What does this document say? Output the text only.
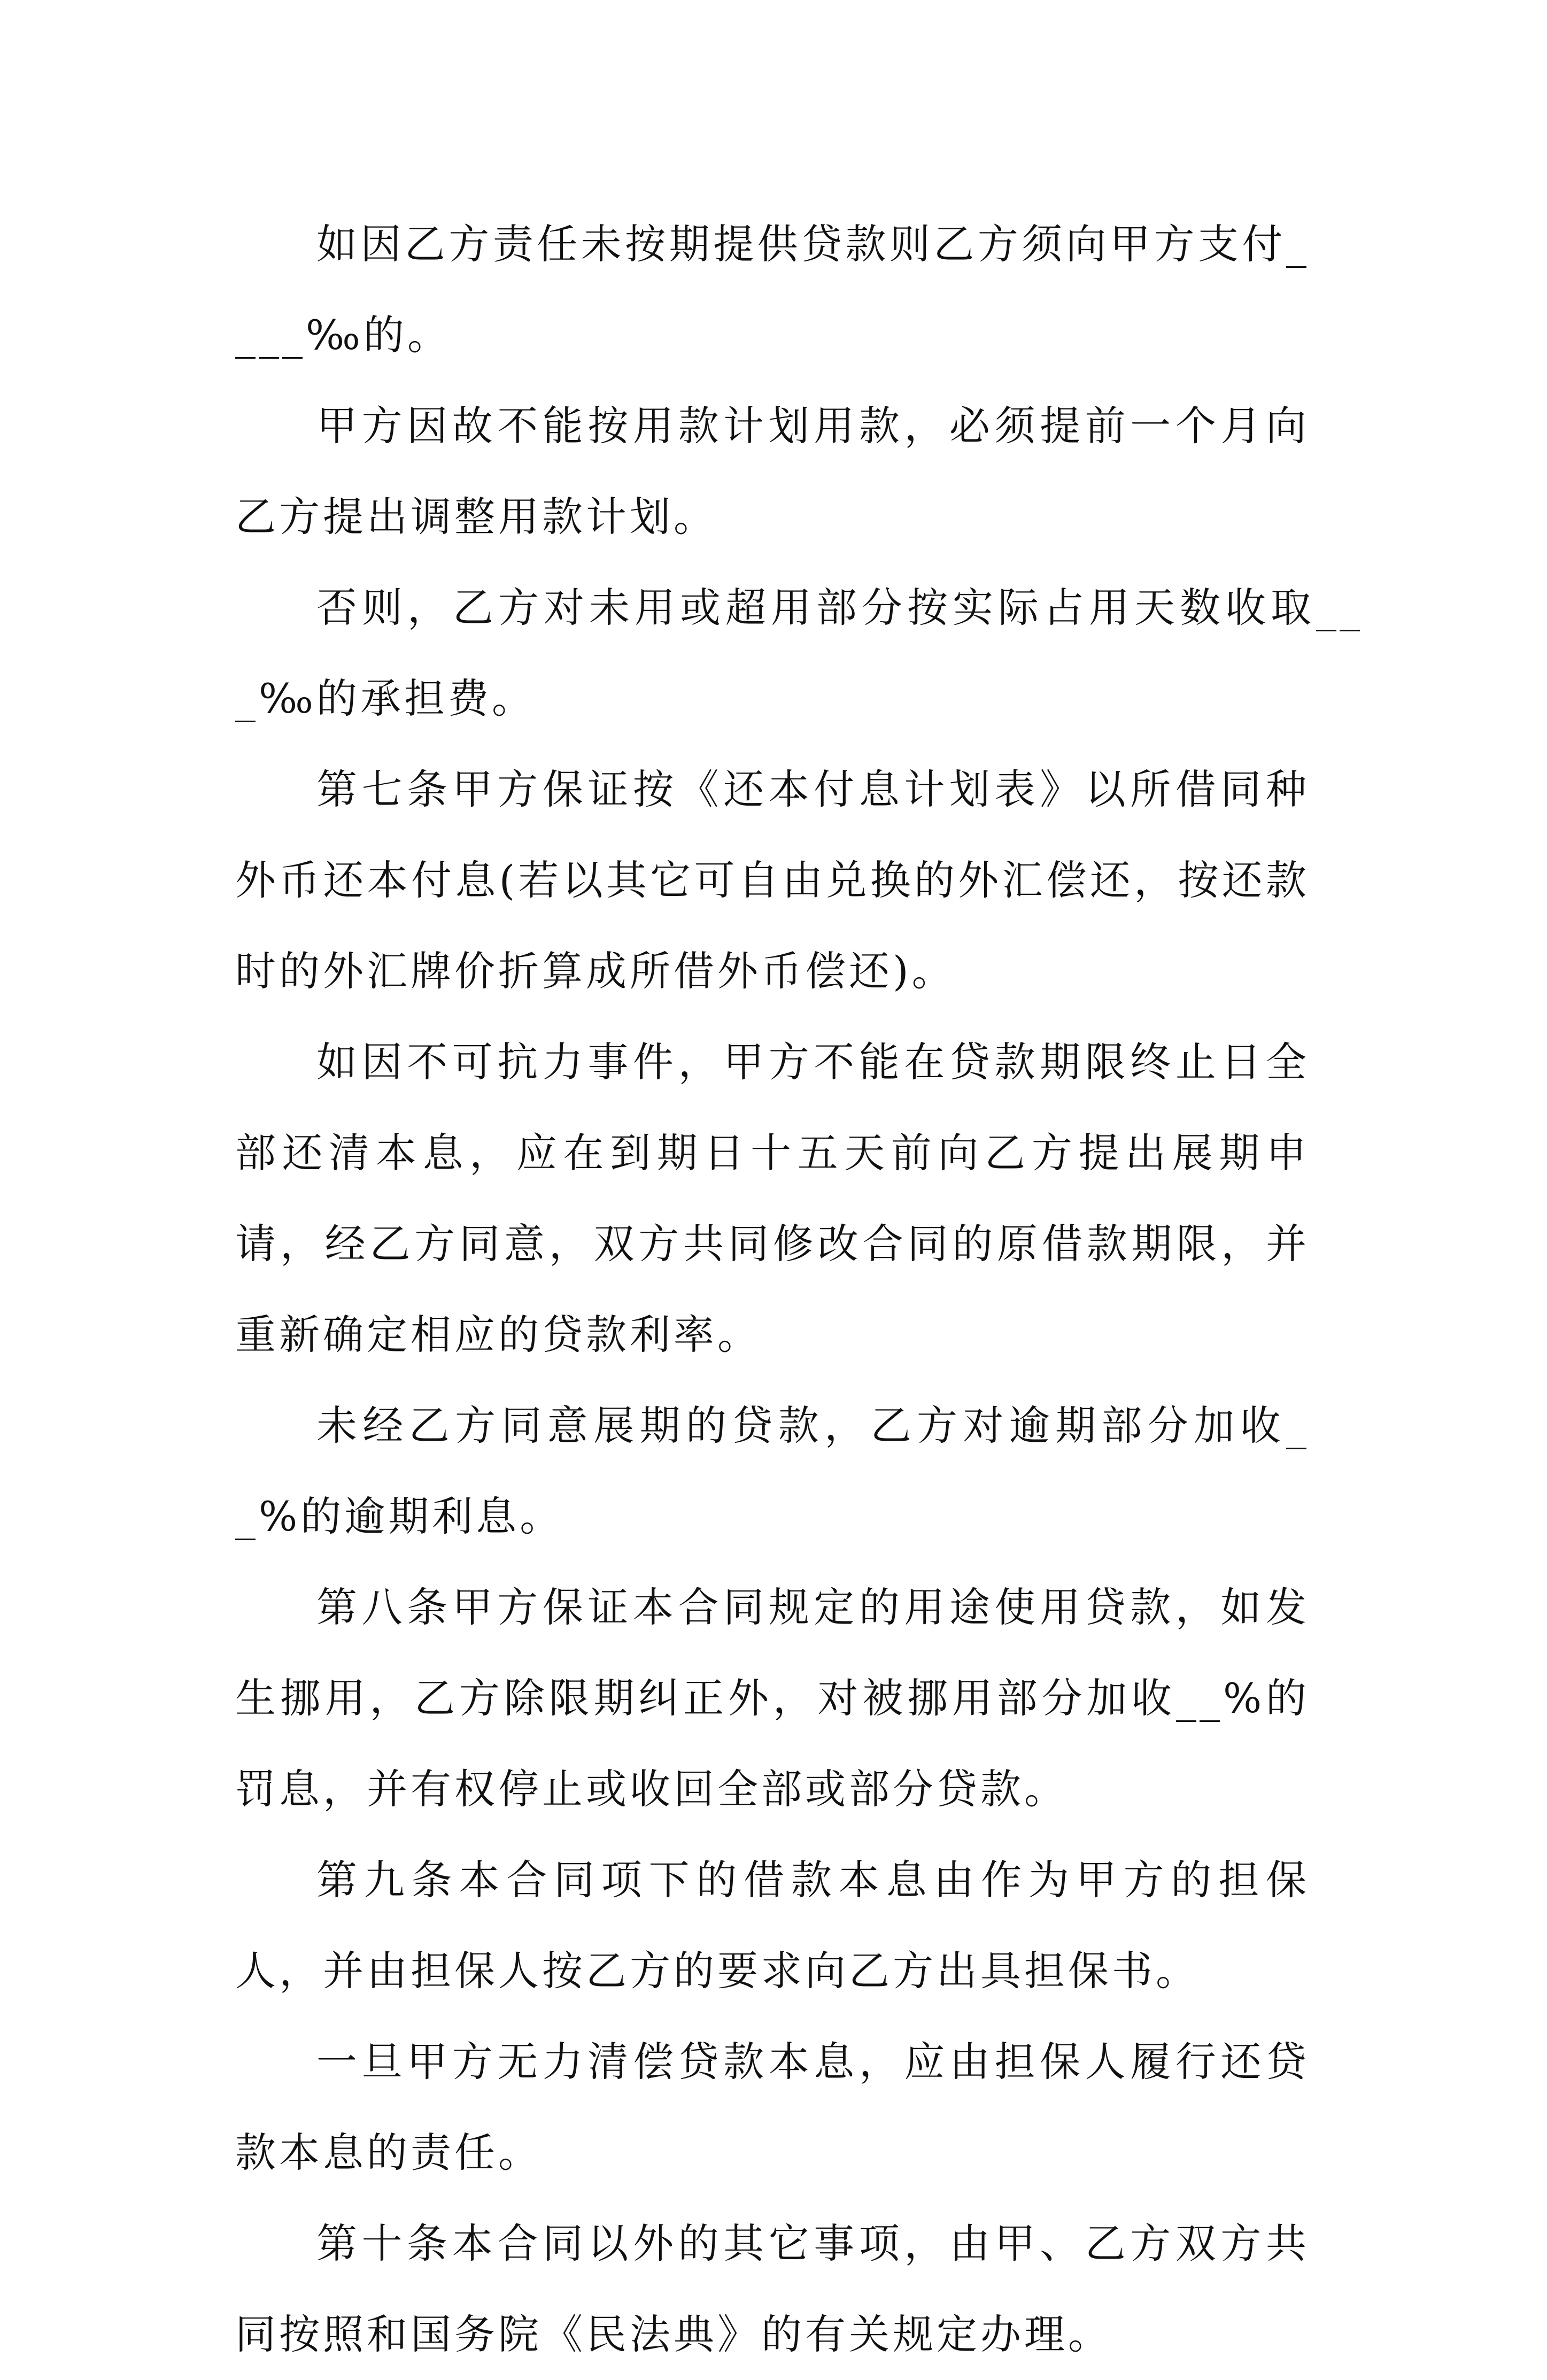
如因乙方责任未按期提供贷款则乙方须向甲方支付____‰的。

甲方因故不能按用款计划用款，必须提前一个月向乙方提出调整用款计划。

否则，乙方对未用或超用部分按实际占用天数收取___‰的承担费。

第七条甲方保证按《还本付息计划表》以所借同种外币还本付息(若以其它可自由兑换的外汇偿还，按还款时的外汇牌价折算成所借外币偿还)。

如因不可抗力事件，甲方不能在贷款期限终止日全部还清本息，应在到期日十五天前向乙方提出展期申请，经乙方同意，双方共同修改合同的原借款期限，并重新确定相应的贷款利率。

未经乙方同意展期的贷款，乙方对逾期部分加收__%的逾期利息。

第八条甲方保证本合同规定的用途使用贷款，如发生挪用，乙方除限期纠正外，对被挪用部分加收__%的罚息，并有权停止或收回全部或部分贷款。

第九条本合同项下的借款本息由作为甲方的担保人，并由担保人按乙方的要求向乙方出具担保书。

一旦甲方无力清偿贷款本息，应由担保人履行还贷款本息的责任。

第十条本合同以外的其它事项，由甲、乙方双方共同按照和国务院《民法典》的有关规定办理。
